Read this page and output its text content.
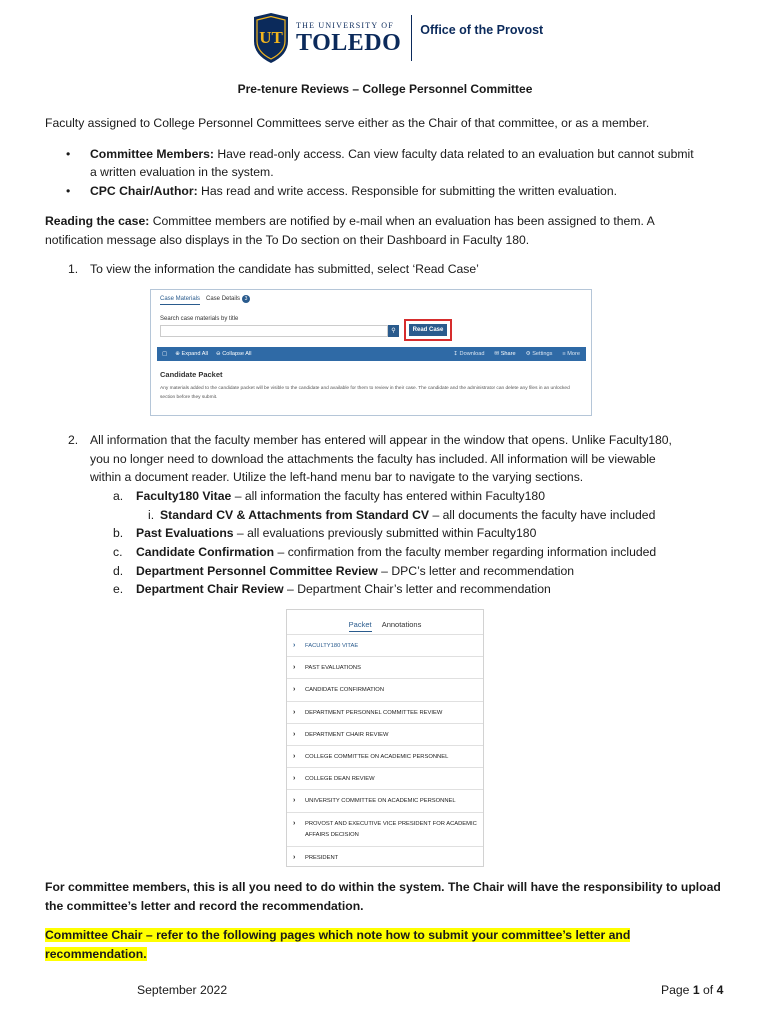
UT
THE UNIVERSITY OF
TOLEDO
Office of the Provost
Pre-tenure Reviews – College Personnel Committee
Faculty assigned to College Personnel Committees serve either as the Chair of that committee, or as a member.
•	Committee Members: Have read-only access. Can view faculty data related to an evaluation but cannot submit
a written evaluation in the system.
•	CPC Chair/Author: Has read and write access. Responsible for submitting the written evaluation.
Reading the case: Committee members are notified by e-mail when an evaluation has been assigned to them. A
notification message also displays in the To Do section on their Dashboard in Faculty 180.
1. To view the information the candidate has submitted, select ‘Read Case’
Case Materials Case Details 3
Search case materials by title
⚲	Read Case
▢ ⊕ Expand All ⊖ Collapse All	↧ Download ✉ Share ⚙ Settings ≡ More
Candidate Packet
Any materials added to the candidate packet will be visible to the candidate and available for them to review in their case. The candidate and the administrator can delete any files in an unlocked section before they submit.
2. All information that the faculty member has entered will appear in the window that opens. Unlike Faculty180,
you no longer need to download the attachments the faculty has included. All information will be viewable
within a document reader. Utilize the left-hand menu bar to navigate to the varying sections.
a. Faculty180 Vitae – all information the faculty has entered within Faculty180
i. Standard CV & Attachments from Standard CV – all documents the faculty have included
b. Past Evaluations – all evaluations previously submitted within Faculty180
c. Candidate Confirmation – confirmation from the faculty member regarding information included
d. Department Personnel Committee Review – DPC’s letter and recommendation
e. Department Chair Review – Department Chair’s letter and recommendation
Packet Annotations
› FACULTY180 VITAE
› PAST EVALUATIONS
› CANDIDATE CONFIRMATION
› DEPARTMENT PERSONNEL COMMITTEE REVIEW
› DEPARTMENT CHAIR REVIEW
› COLLEGE COMMITTEE ON ACADEMIC PERSONNEL
› COLLEGE DEAN REVIEW
› UNIVERSITY COMMITTEE ON ACADEMIC PERSONNEL
› PROVOST AND EXECUTIVE VICE PRESIDENT FOR ACADEMIC AFFAIRS DECISION
› PRESIDENT
For committee members, this is all you need to do within the system. The Chair will have the responsibility to upload
the committee’s letter and record the recommendation.
Committee Chair – refer to the following pages which note how to submit your committee’s letter and
recommendation.
September 2022	Page 1 of 4
